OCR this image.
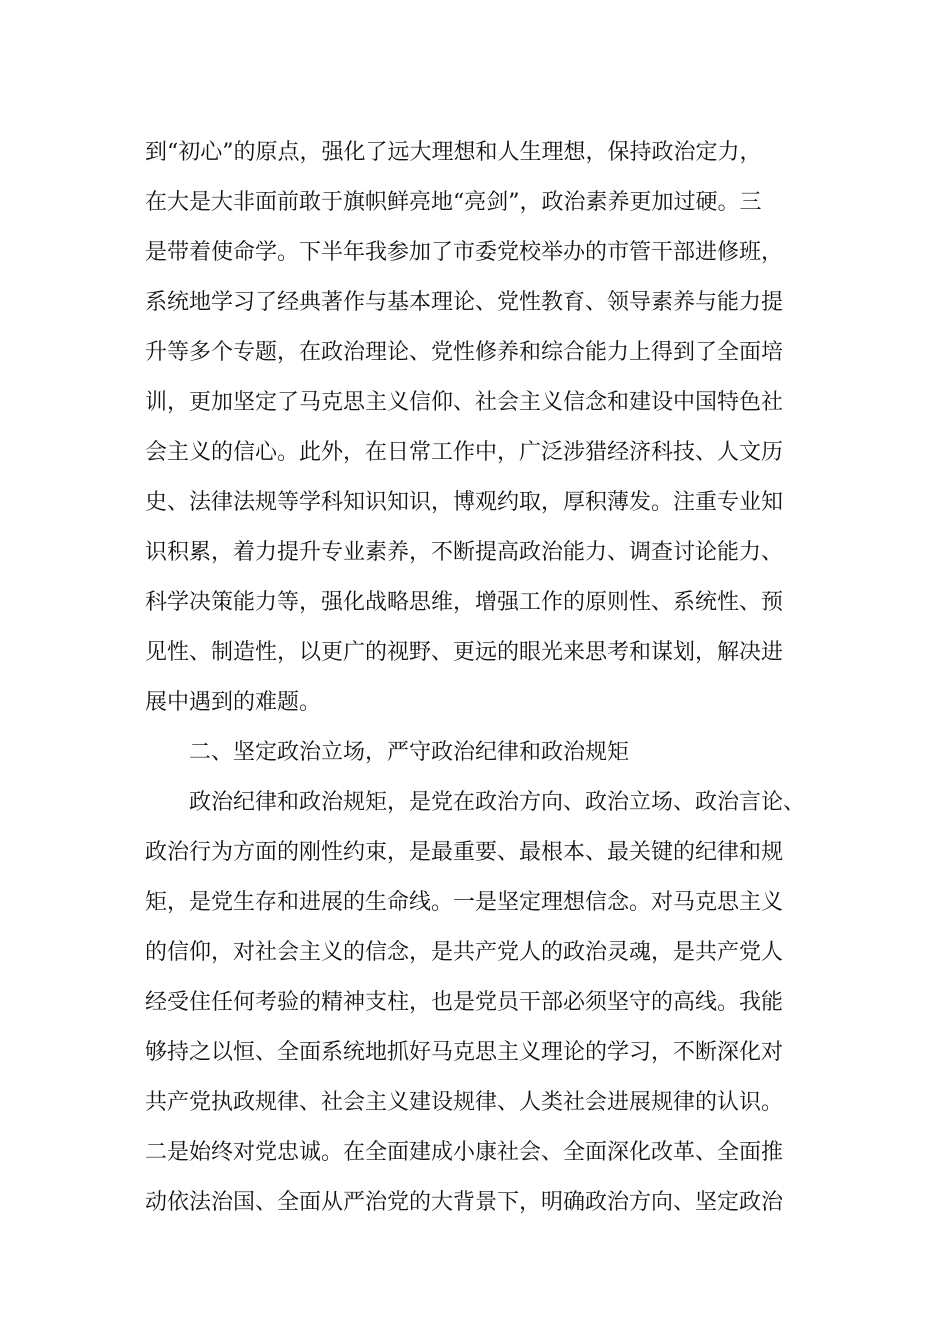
到“初心”的原点，强化了远大理想和人生理想，保持政治定力，
在大是大非面前敢于旗帜鲜亮地“亮剑”，政治素养更加过硬。三
是带着使命学。下半年我参加了市委党校举办的市管干部进修班，
系统地学习了经典著作与基本理论、党性教育、领导素养与能力提
升等多个专题，在政治理论、党性修养和综合能力上得到了全面培
训，更加坚定了马克思主义信仰、社会主义信念和建设中国特色社
会主义的信心。此外，在日常工作中，广泛涉猎经济科技、人文历
史、法律法规等学科知识知识，博观约取，厚积薄发。注重专业知
识积累，着力提升专业素养，不断提高政治能力、调查讨论能力、
科学决策能力等，强化战略思维，增强工作的原则性、系统性、预
见性、制造性，以更广的视野、更远的眼光来思考和谋划，解决进
展中遇到的难题。
二、坚定政治立场，严守政治纪律和政治规矩
政治纪律和政治规矩，是党在政治方向、政治立场、政治言论、
政治行为方面的刚性约束，是最重要、最根本、最关键的纪律和规
矩，是党生存和进展的生命线。一是坚定理想信念。对马克思主义
的信仰，对社会主义的信念，是共产党人的政治灵魂，是共产党人
经受住任何考验的精神支柱，也是党员干部必须坚守的高线。我能
够持之以恒、全面系统地抓好马克思主义理论的学习，不断深化对
共产党执政规律、社会主义建设规律、人类社会进展规律的认识。
二是始终对党忠诚。在全面建成小康社会、全面深化改革、全面推
动依法治国、全面从严治党的大背景下，明确政治方向、坚定政治
